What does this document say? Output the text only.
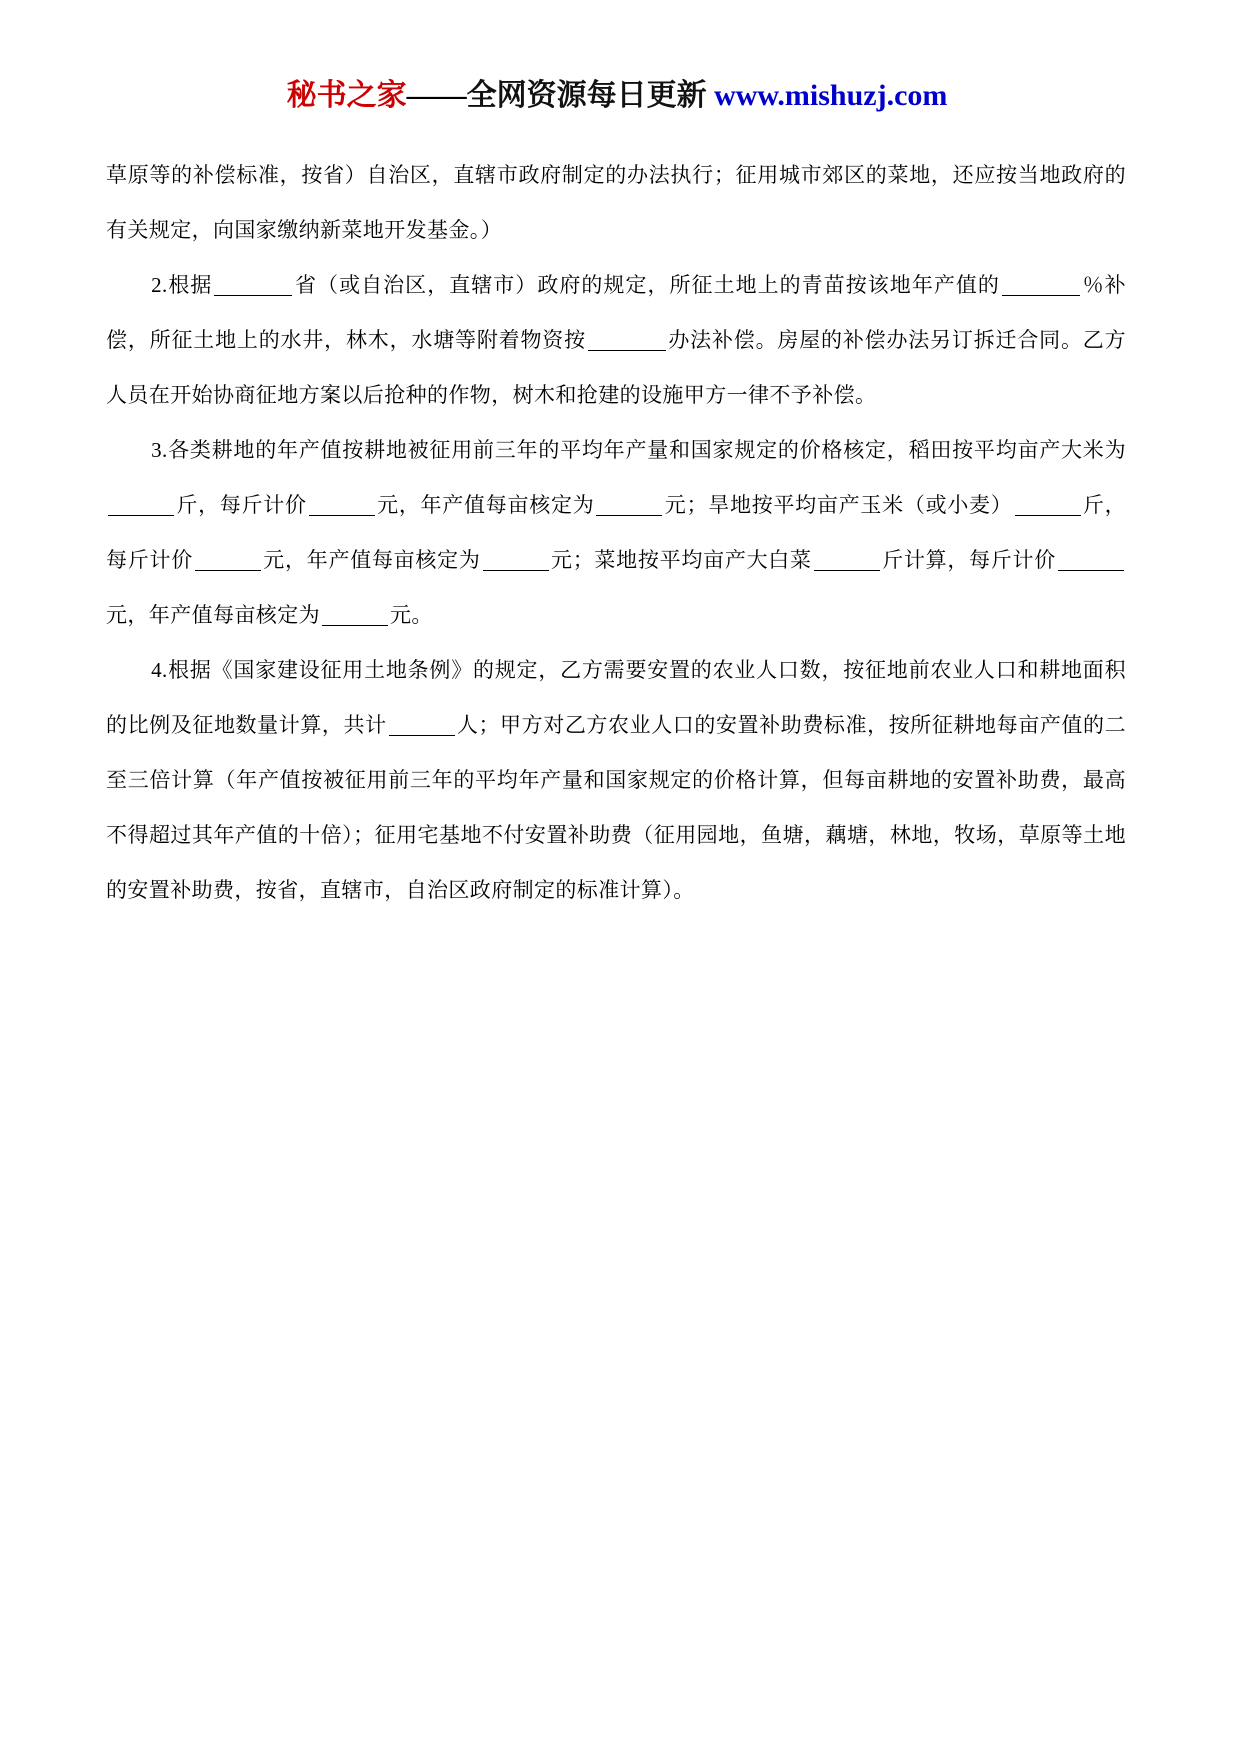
秘书之家——全网资源每日更新 www.mishuzj.com

草原等的补偿标准，按省）自治区，直辖市政府制定的办法执行；征用城市郊区的菜地，还应按当地政府的有关规定，向国家缴纳新菜地开发基金。）

2.根据	省（或自治区，直辖市）政府的规定，所征土地上的青苗按该地年产值的	％补偿，所征土地上的水井，林木，水塘等附着物资按	办法补偿。房屋的补偿办法另订拆迁合同。乙方人员在开始协商征地方案以后抢种的作物，树木和抢建的设施甲方一律不予补偿。

3.各类耕地的年产值按耕地被征用前三年的平均年产量和国家规定的价格核定，稻田按平均亩产大米为斤，每斤计价	元，年产值每亩核定为	元；旱地按平均亩产玉米（或小麦）	斤，每斤计价	元，年产值每亩核定为	元；菜地按平均亩产大白菜	斤计算，每斤计价元，年产值每亩核定为	元。

4.根据《国家建设征用土地条例》的规定，乙方需要安置的农业人口数，按征地前农业人口和耕地面积的比例及征地数量计算，共计	人；甲方对乙方农业人口的安置补助费标准，按所征耕地每亩产值的二至三倍计算（年产值按被征用前三年的平均年产量和国家规定的价格计算，但每亩耕地的安置补助费，最高不得超过其年产值的十倍）；征用宅基地不付安置补助费（征用园地，鱼塘，藕塘，林地，牧场，草原等土地的安置补助费，按省，直辖市，自治区政府制定的标准计算）。
